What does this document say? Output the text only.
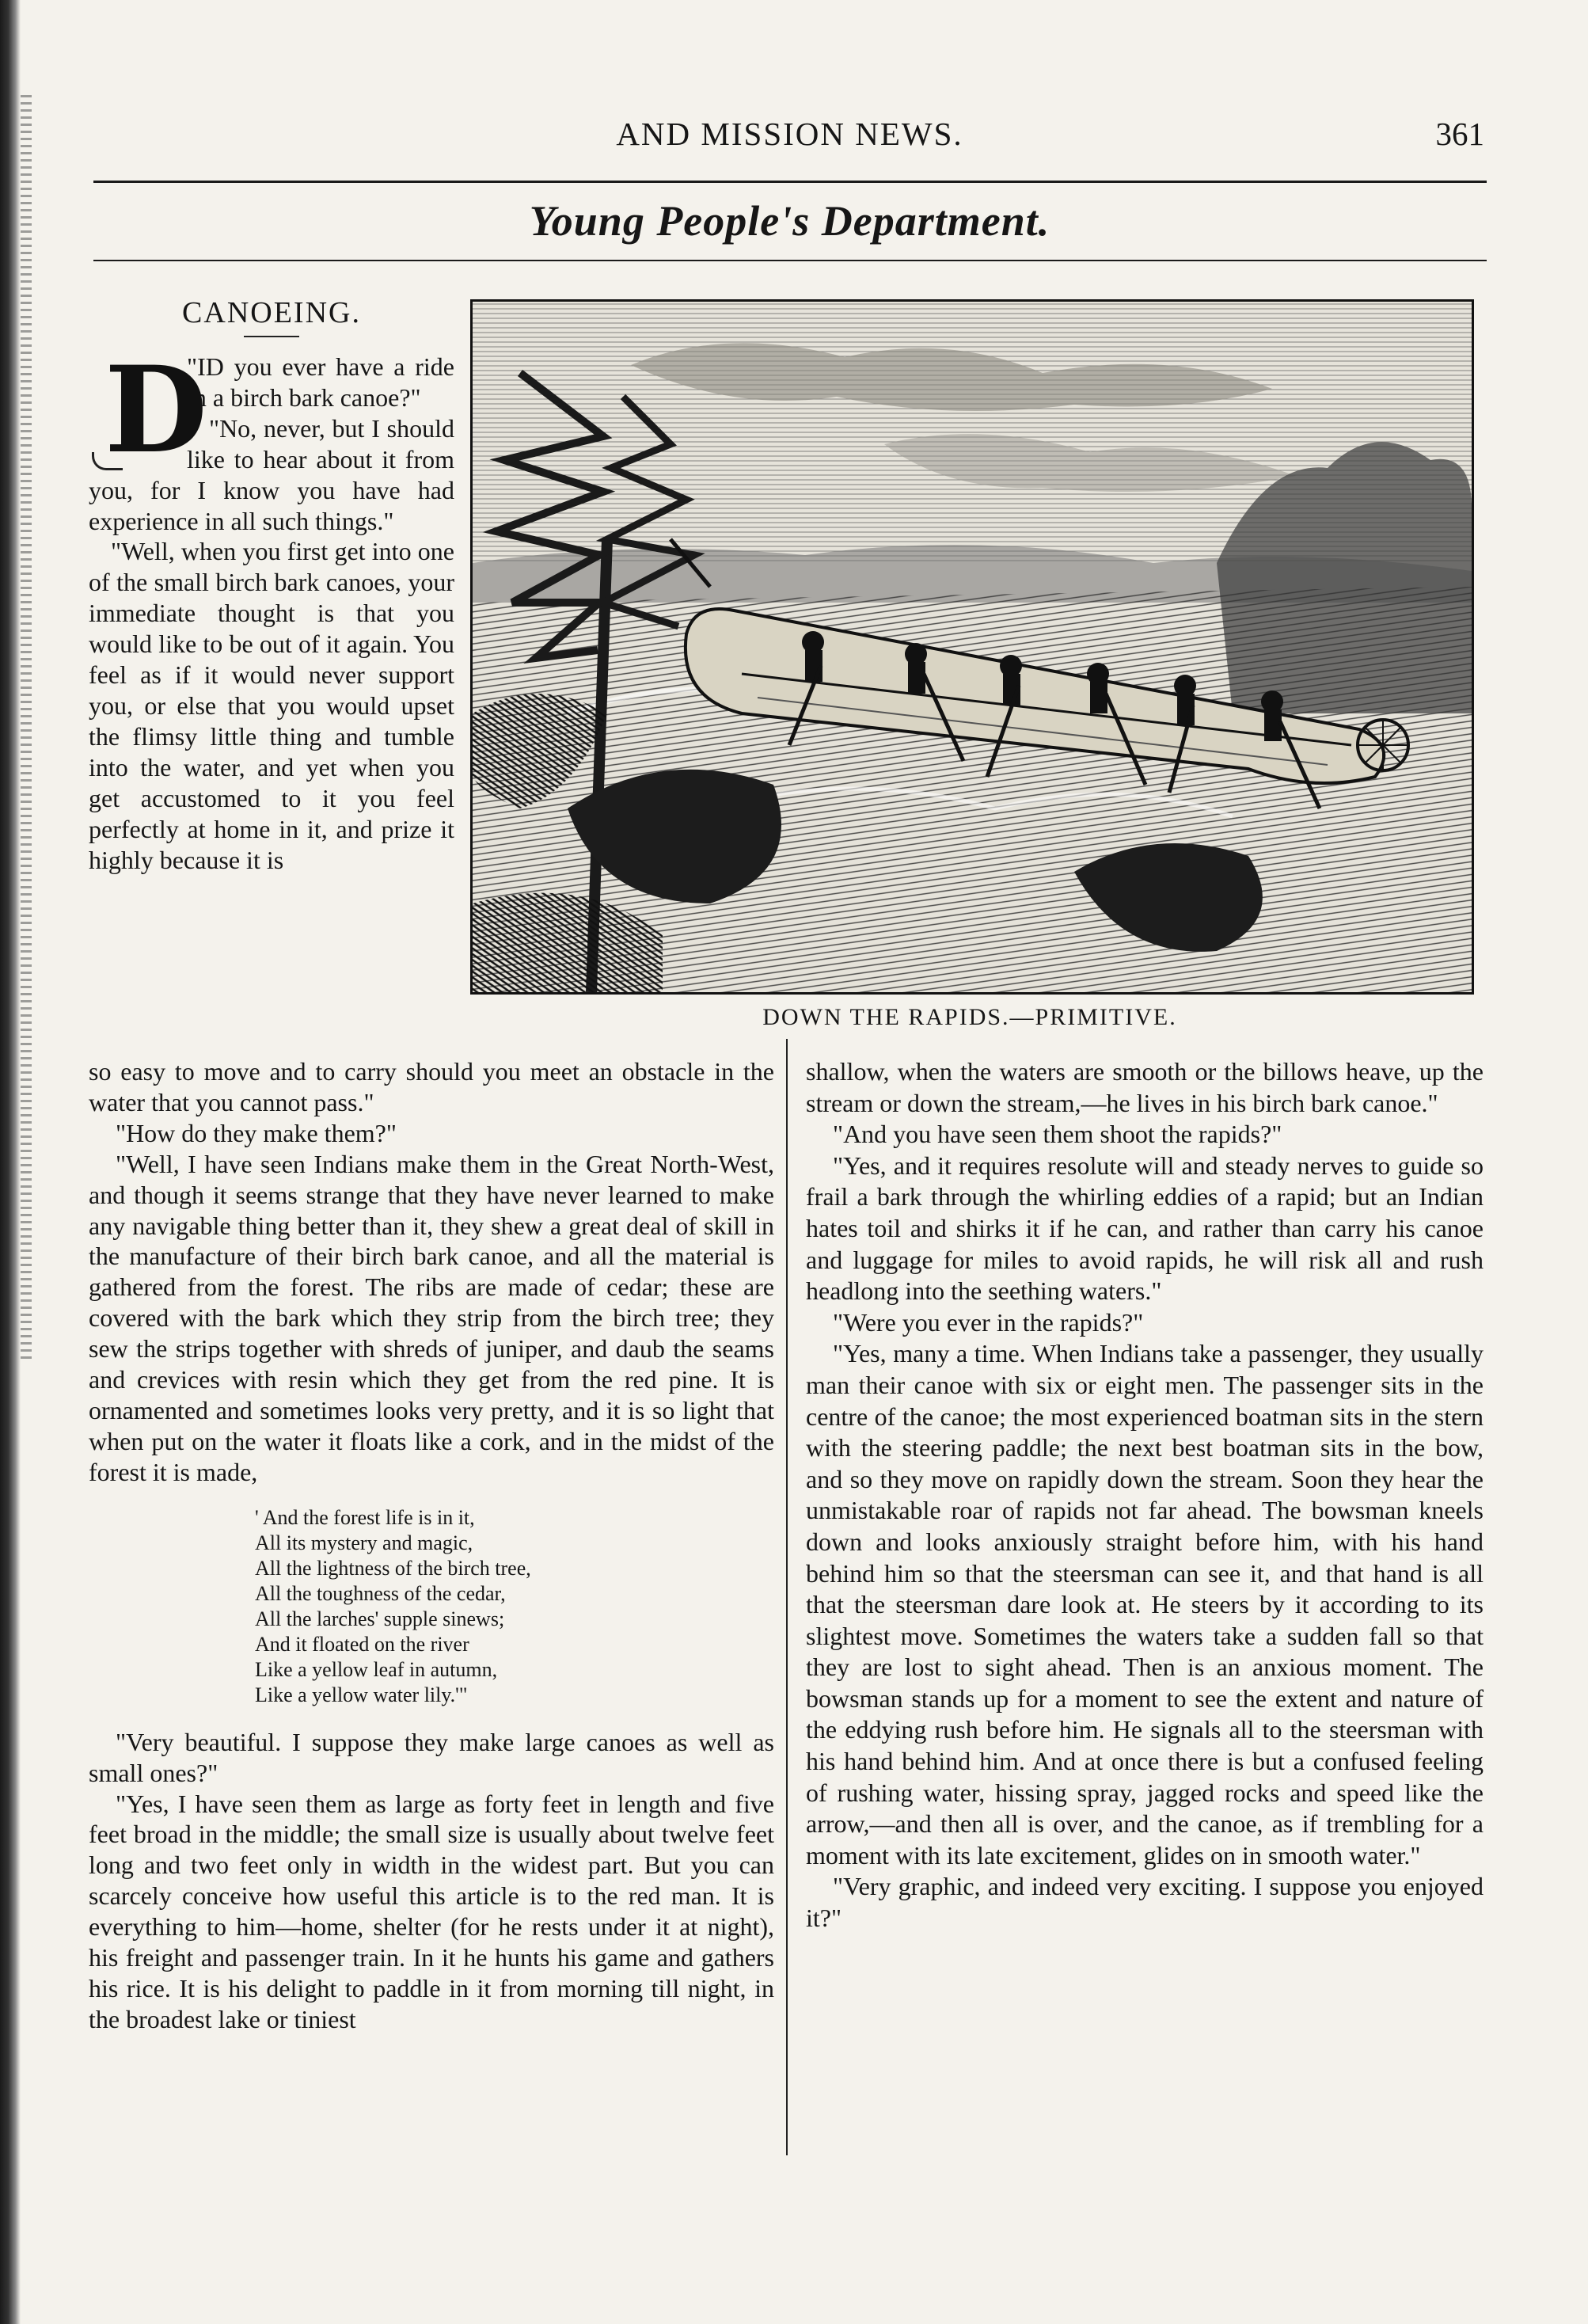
AND MISSION NEWS.	361
Young People's Department.
CANOEING.
D

"ID you ever have a ride in a birch bark canoe?"

"No, never, but I should like to hear about it from you, for I know you have had experience in all such things."

"Well, when you first get into one of the small birch bark canoes, your immediate thought is that you would like to be out of it again. You feel as if it would never support you, or else that you would upset the flimsy little thing and tumble into the water, and yet when you get accustomed to it you feel perfectly at home in it, and prize it highly because it is

DOWN THE RAPIDS.—PRIMITIVE.

so easy to move and to carry should you meet an obstacle in the water that you cannot pass."

"How do they make them?"

"Well, I have seen Indians make them in the Great North-West, and though it seems strange that they have never learned to make any navigable thing better than it, they shew a great deal of skill in the manufacture of their birch bark canoe, and all the material is gathered from the forest. The ribs are made of cedar; these are covered with the bark which they strip from the birch tree; they sew the strips together with shreds of juniper, and daub the seams and crevices with resin which they get from the red pine. It is ornamented and sometimes looks very pretty, and it is so light that when put on the water it floats like a cork, and in the midst of the forest it is made,

' And the forest life is in it,
All its mystery and magic,
All the lightness of the birch tree,
All the toughness of the cedar,
All the larches' supple sinews;
And it floated on the river
Like a yellow leaf in autumn,
Like a yellow water lily.'"

"Very beautiful. I suppose they make large canoes as well as small ones?"

"Yes, I have seen them as large as forty feet in length and five feet broad in the middle; the small size is usually about twelve feet long and two feet only in width in the widest part. But you can scarcely conceive how useful this article is to the red man. It is everything to him—home, shelter (for he rests under it at night), his freight and passenger train. In it he hunts his game and gathers his rice. It is his delight to paddle in it from morning till night, in the broadest lake or tiniest

shallow, when the waters are smooth or the billows heave, up the stream or down the stream,—he lives in his birch bark canoe."

"And you have seen them shoot the rapids?"

"Yes, and it requires resolute will and steady nerves to guide so frail a bark through the whirling eddies of a rapid; but an Indian hates toil and shirks it if he can, and rather than carry his canoe and luggage for miles to avoid rapids, he will risk all and rush headlong into the seething waters."

"Were you ever in the rapids?"

"Yes, many a time. When Indians take a passenger, they usually man their canoe with six or eight men. The passenger sits in the centre of the canoe; the most experienced boatman sits in the stern with the steering paddle; the next best boatman sits in the bow, and so they move on rapidly down the stream. Soon they hear the unmistakable roar of rapids not far ahead. The bowsman kneels down and looks anxiously straight before him, with his hand behind him so that the steersman can see it, and that hand is all that the steersman dare look at. He steers by it according to its slightest move. Sometimes the waters take a sudden fall so that they are lost to sight ahead. Then is an anxious moment. The bowsman stands up for a moment to see the extent and nature of the eddying rush before him. He signals all to the steersman with his hand behind him. And at once there is but a confused feeling of rushing water, hissing spray, jagged rocks and speed like the arrow,—and then all is over, and the canoe, as if trembling for a moment with its late excitement, glides on in smooth water."

"Very graphic, and indeed very exciting. I suppose you enjoyed it?"
